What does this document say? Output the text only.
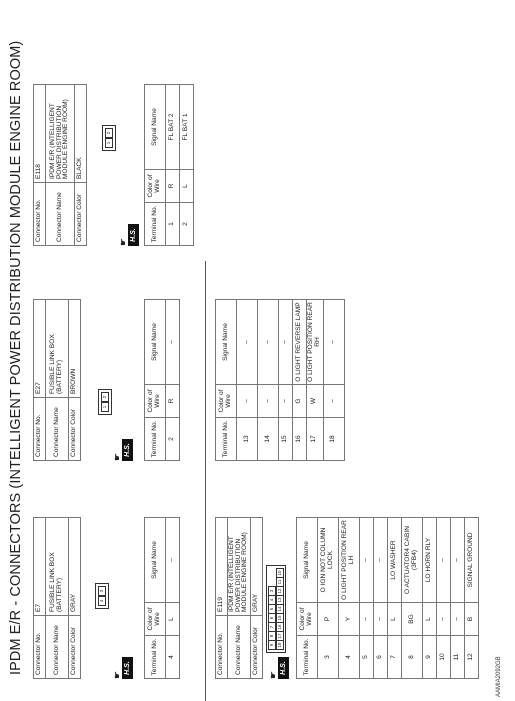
IPDM E/R - CONNECTORS (INTELLIGENT POWER DISTRIBUTION MODULE ENGINE ROOM)
AAMIA2092GB
Connector No.	E7
Connector Name	FUSIBLE LINK BOX (BATTERY)
Connector Color	GRAY
☛
H.S.
4
3
Terminal No.	Color of Wire	Signal Name
4	L	–
Connector No.	E119
Connector Name	IPDM E/R (INTELLIGENT POWER DISTRIBUTION MODULE ENGINE ROOM)
Connector Color	GRAY
☛
H.S.
9
8
7
6
5
4
3
18
17
16
15
14
13
12
11
10
Terminal No.	Color of Wire	Signal Name
3	P	O IGN NOT COLUMN LOCK
4	Y	O LIGHT POSITION REAR LH
5	–	–
6	–	–
7	L	LO WASHER
8	BG	O ACTUATOR4 CABIN (3FB4)
9	L	LO HORN RLY
10	–	–
11	–	–
12	B	SIGNAL GROUND
Connector No.	E27
Connector Name	FUSIBLE LINK BOX (BATTERY)
Connector Color	BROWN
☛
H.S.
1
2
Terminal No.	Color of Wire	Signal Name
2	R	–
Terminal No.	Color of Wire	Signal Name
13	–	–
14	–	–
15	–	–
16	G	O LIGHT REVERSE LAMP
17	W	O LIGHT POSITION REAR RH
18	–	–
Connector No.	E118
Connector Name	IPDM E/R (INTELLIGENT POWER DISTRIBUTION MODULE ENGINE ROOM)
Connector Color	BLACK
☛
H.S.
1
2
Terminal No.	Color of Wire	Signal Name
1	R	FL BAT 2
2	L	FL BAT 1
